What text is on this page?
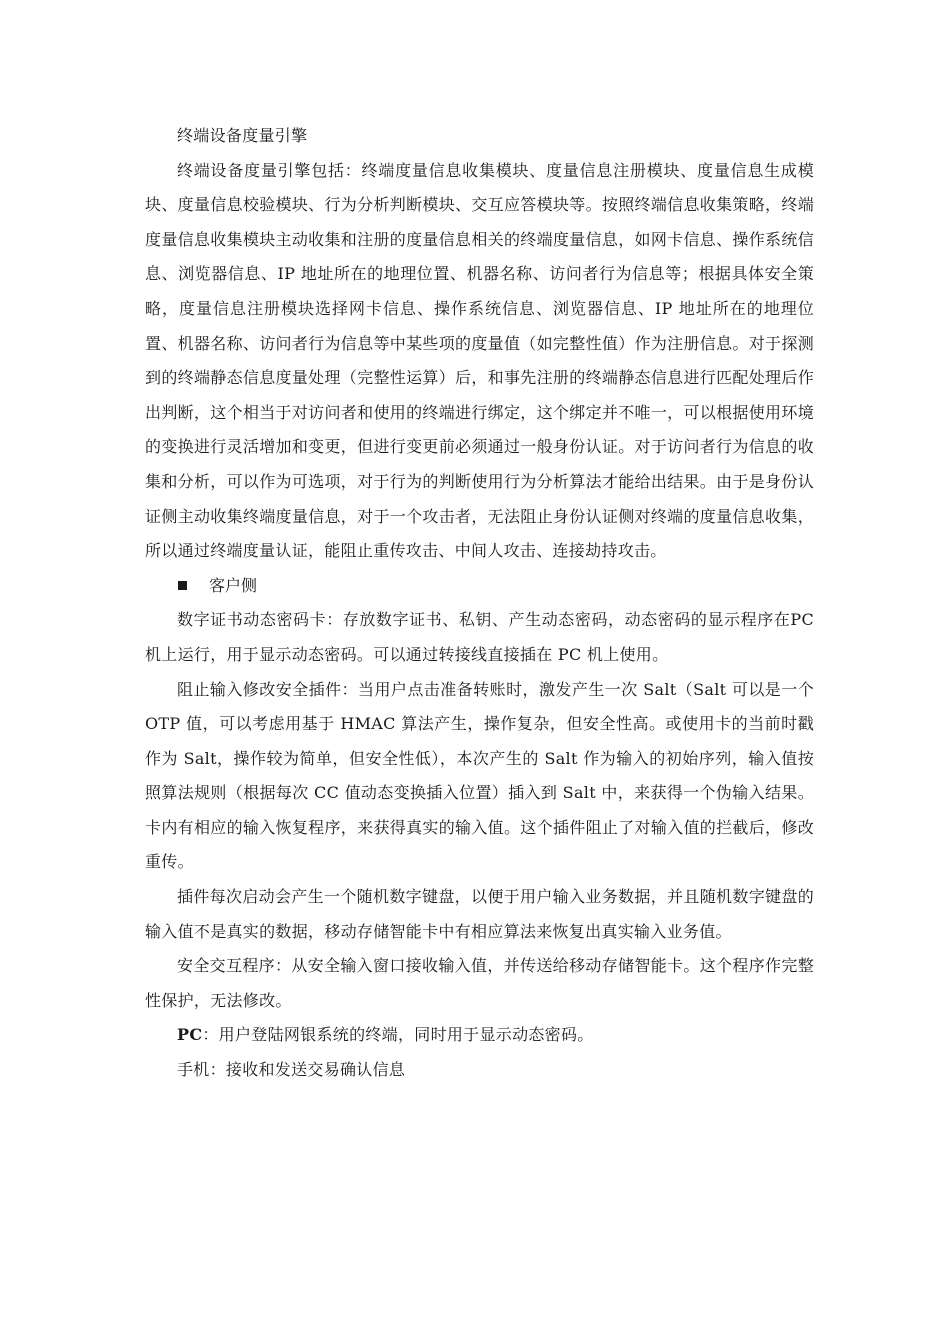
终端设备度量引擎

终端设备度量引擎包括：终端度量信息收集模块、度量信息注册模块、度量信息生成模块、度量信息校验模块、行为分析判断模块、交互应答模块等。按照终端信息收集策略，终端度量信息收集模块主动收集和注册的度量信息相关的终端度量信息，如网卡信息、操作系统信息、浏览器信息、IP 地址所在的地理位置、机器名称、访问者行为信息等；根据具体安全策略，度量信息注册模块选择网卡信息、操作系统信息、浏览器信息、IP 地址所在的地理位置、机器名称、访问者行为信息等中某些项的度量值（如完整性值）作为注册信息。对于探测到的终端静态信息度量处理（完整性运算）后，和事先注册的终端静态信息进行匹配处理后作出判断，这个相当于对访问者和使用的终端进行绑定，这个绑定并不唯一，可以根据使用环境的变换进行灵活增加和变更，但进行变更前必须通过一般身份认证。对于访问者行为信息的收集和分析，可以作为可选项，对于行为的判断使用行为分析算法才能给出结果。由于是身份认证侧主动收集终端度量信息，对于一个攻击者，无法阻止身份认证侧对终端的度量信息收集，所以通过终端度量认证，能阻止重传攻击、中间人攻击、连接劫持攻击。

客户侧

数字证书动态密码卡：存放数字证书、私钥、产生动态密码，动态密码的显示程序在PC 机上运行，用于显示动态密码。可以通过转接线直接插在 PC 机上使用。

阻止输入修改安全插件：当用户点击准备转账时，激发产生一次 Salt（Salt 可以是一个 OTP 值，可以考虑用基于 HMAC 算法产生，操作复杂，但安全性高。或使用卡的当前时戳作为 Salt，操作较为简单，但安全性低），本次产生的 Salt 作为输入的初始序列，输入值按照算法规则（根据每次 CC 值动态变换插入位置）插入到 Salt 中，来获得一个伪输入结果。卡内有相应的输入恢复程序，来获得真实的输入值。这个插件阻止了对输入值的拦截后，修改重传。

插件每次启动会产生一个随机数字键盘，以便于用户输入业务数据，并且随机数字键盘的输入值不是真实的数据，移动存储智能卡中有相应算法来恢复出真实输入业务值。

安全交互程序：从安全输入窗口接收输入值，并传送给移动存储智能卡。这个程序作完整性保护，无法修改。

PC：用户登陆网银系统的终端，同时用于显示动态密码。

手机：接收和发送交易确认信息
